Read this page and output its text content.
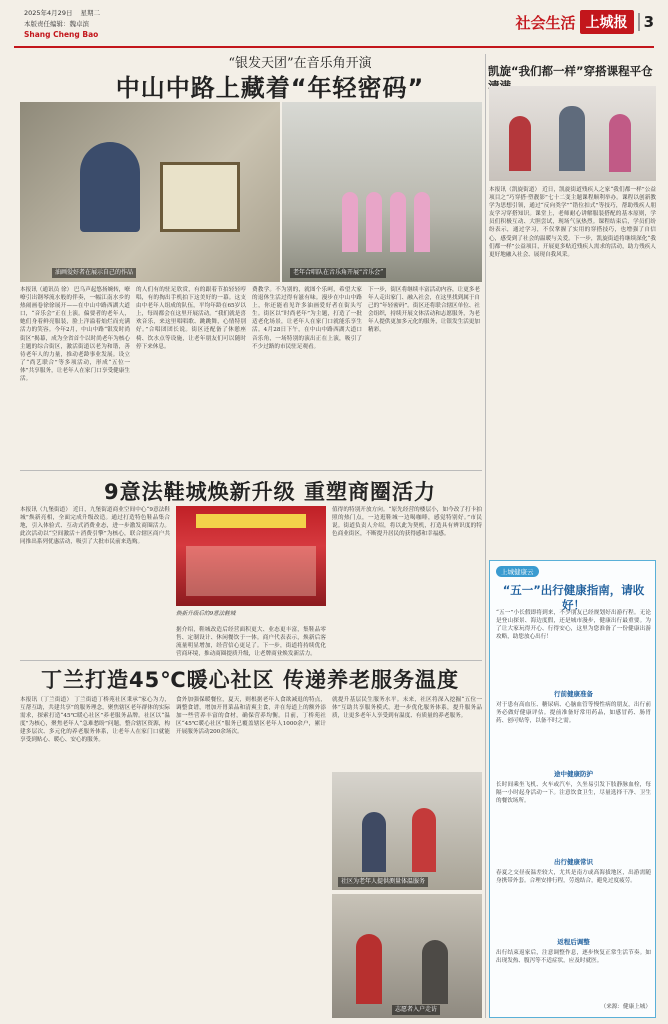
2025年4月29日 星期二
本版责任编辑：魏卓滨
Shang Cheng Bao
社会生活 上城报	3
“银发天团”在音乐角开演
中山中路上藏着“年轻密码”
油画爱好者在展示自己的作品	老年合唱队在音乐角开展“音乐会”
本报讯（通讯员 徐） 巴乌声起悠扬婉转，嘹嘹引出钢琴流水般的伴奏，一幅江南水乡的热闹画卷徐徐展开——在中山中路西湖大道口，“音乐会”正在上演。偏要者的老年人，她们身着鲜亮服装，脸上洋溢着灿烂而充满活力的笑容。今年2月，中山中路“银发时尚街区”揭幕，成为全省首个以时尚老年为核心主题的综合街区，激活街道以老为和谐，善待老年人的力量，推动老龄事业发展。设立了“尚艺联合”等多项活动，形成“五位一体”共享服务，让老年人在家门口享受健康生活。
的人们有的驻足欣赏，有的跟着节拍轻轻哼唱，有的掏出手机拍下这美好的一幕。这支由中老年人组成的队伍，平均年龄在65岁以上，每周都会在这里开展活动。“我们就是喜欢音乐，来这里唱唱歌、跳跳舞，心情特别好。”合唱团团长说。街区还配备了休憩座椅、饮水点等设施，让老年朋友们可以随时停下来休息。
费教学。不为别的，就图个乐呵，希望大家的退休生活过得有滋有味。漫步在中山中路上，你还能看见许多油画爱好者在街头写生。街区以“时尚老年”为主题，打造了一批适老化场景，让老年人在家门口就能乐享生活。4月28日下午，在中山中路西湖大道口音乐角，一场特别的演出正在上演，吸引了不少过路的市民驻足观看。
下一步，街区将继续丰富活动内容，让更多老年人走出家门、融入社会，在这里找到属于自己的“年轻密码”。街区还将联合辖区单位、社会组织，持续开展文体活动和志愿服务，为老年人提供更加多元化的服务，让银发生活更加精彩。
凯旋“我们都一样”穿搭课程平仓
本报讯（凯旋街道） 近日，凯旋街道残疾人之家“我们都一样”公益项目之“巧穿搭·塑靓影”七十二变主题课程顺利举办。课程以创新教学为思想引领，通过“反向类学”“错位扣式”等技巧，帮助残疾人朋友学习穿搭知识。课堂上，老师耐心讲解服装搭配的基本原则，学员们积极互动、大胆尝试，现场气氛热烈。课程结束后，学员们纷纷表示，通过学习，不仅掌握了实用的穿搭技巧，也增强了自信心，感受到了社会的温暖与关爱。下一步，凯旋街道将继续深化“我们都一样”公益项目，开展更多贴近残疾人需求的活动，助力残疾人更好地融入社会、展现自我风采。
9意法鞋城焕新升级 重塑商圈活力
本报讯（九堡街道） 近日，九堡街道商业空间中心“9意法鞋城”焕新亮相，全面完成升级改造。通过打造特色鞋品集合地，引入体验式、互动式消费业态，进一步激发商圈活力。此次活动以“空间激活＋消费引擎”为核心，联合辖区商户共同推出系列优惠活动，吸引了大批市民前来选购。
焕新升级后的9意法鞋城
据介绍，鞋城改造后经营面积更大、业态更丰富，集鞋品零售、定制设计、休闲餐饮于一体。商户代表表示，焕新后客流量明显增加，经营信心更足了。下一步，街道将持续优化营商环境，推动商圈提质升级，让老牌商业焕发新活力。
值得的特别开放方向。“原先经营的楼层小，如今改了打卡拍照的热门点，一边逛鞋城一边喝咖啡，感觉特别好。”市民说。街道负责人介绍，将以此为契机，打造具有辨识度的特色商业街区，不断提升居民的获得感和幸福感。
丁兰打造45℃暖心社区 传递养老服务温度
本报讯（丁兰街道） 丁兰街道丁桥苑社区秉承“家心为力，互帮互助，共建共享”的服务理念，聚焦辖区老年群体的实际需求，探索打造“45℃暖心社区”养老服务品牌。社区以“温度”为核心，聚焦老年人“急难愁盼”问题，整合辖区资源，构建多层次、多元化的养老服务体系，让老年人在家门口就能享受到贴心、暖心、安心的服务。
食外加强保暖餐位，夏天，则根据老年人食欲减退的特点，调整食谱，增加开胃菜品和清爽主食，并在每道上的额外添加一些营养丰富的食材，确保营养均衡。目前，丁桥苑社区“45℃暖心社区”服务已覆盖辖区老年人1000余户，累计开展服务活动200余场次。
就提升基层民生服务水平。未来，社区将深入挖掘“五位一体”互助共享服务模式，进一步优化服务体系，提升服务品质，让更多老年人享受到有温度、有质量的养老服务。
社区为老年人提供测量体温服务
志愿者入户走访
上城健康云
“五一”出行健康指南，请收好！
“五一”小长假即将到来，不少朋友已经规划好出游行程。无论是登山探景、海边度假，还是城市漫步，健康出行最重要。为了让大家玩得开心、行得安心，这里为您准备了一份健康出游攻略，助您放心出行！
行前健康准备
对于患有高血压、糖尿病、心脑血管等慢性病的朋友，出行前务必做好健康评估。提前准备好常用药品，如感冒药、肠胃药、创可贴等，以备不时之需。
途中健康防护
长时间乘坐飞机、火车或汽车，久坐易引发下肢静脉血栓，每隔一小时起身活动一下。注意饮食卫生，尽量选择干净、卫生的餐饮场所。
出行健康常识
春夏之交昼夜温差较大，尤其是南方或高海拔地区，出游需随身携带外套。合理安排行程，劳逸结合，避免过度疲劳。
返程后调整
出行结束返家后，注意调整作息，逐步恢复正常生活节奏。如出现发热、腹泻等不适症状，应及时就医。
（来源：健康上城）
